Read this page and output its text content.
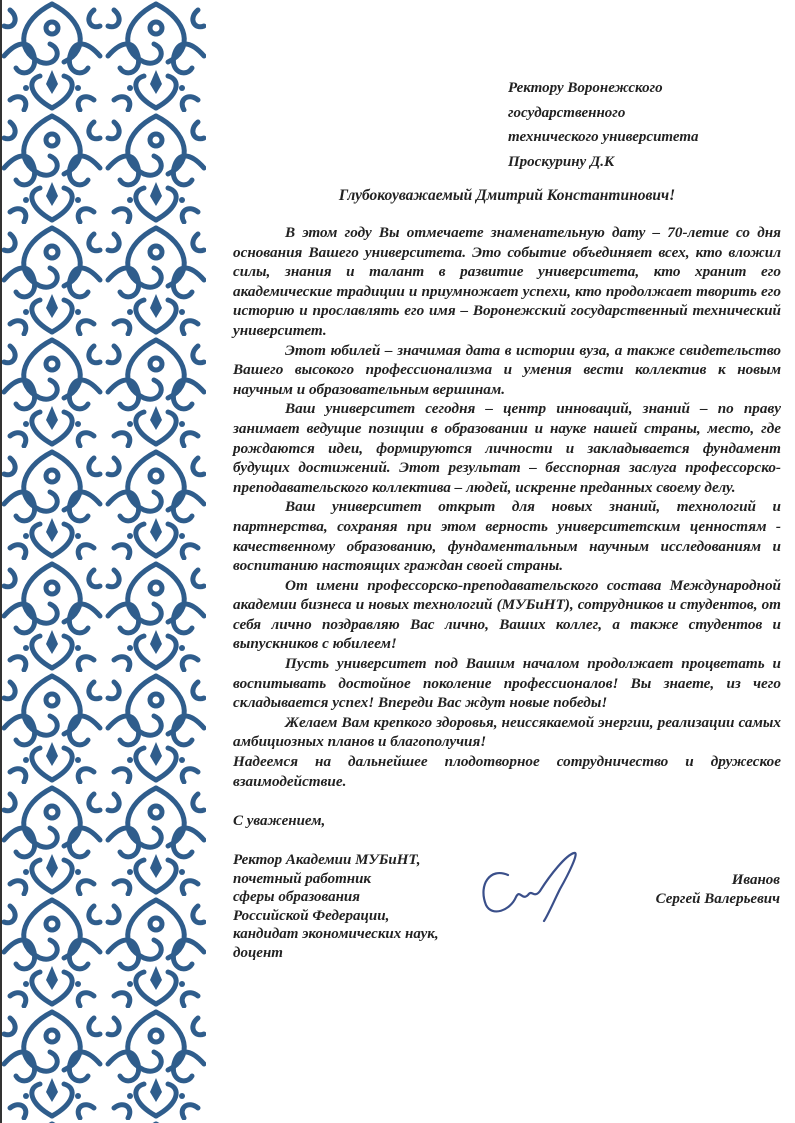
Ректору Воронежского
государственного
технического университета
Проскурину Д.К
Глубокоуважаемый Дмитрий Константинович!

В этом году Вы отмечаете знаменательную дату – 70-летие со дня основания Вашего университета. Это событие объединяет всех, кто вложил силы, знания и талант в развитие университета, кто хранит его академические традиции и приумножает успехи, кто продолжает творить его историю и прославлять его имя – Воронежский государственный технический университет.

Этот юбилей – значимая дата в истории вуза, а также свидетельство Вашего высокого профессионализма и умения вести коллектив к новым научным и образовательным вершинам.

Ваш университет сегодня – центр инноваций, знаний – по праву занимает ведущие позиции в образовании и науке нашей страны, место, где рождаются идеи, формируются личности и закладывается фундамент будущих достижений. Этот результат – бесспорная заслуга профессорско-преподавательского коллектива – людей, искренне преданных своему делу.

Ваш университет открыт для новых знаний, технологий и партнерства, сохраняя при этом верность университетским ценностям - качественному образованию, фундаментальным научным исследованиям и воспитанию настоящих граждан своей страны.

От имени профессорско-преподавательского состава Международной академии бизнеса и новых технологий (МУБиНТ), сотрудников и студентов, от себя лично поздравляю Вас лично, Ваших коллег, а также студентов и выпускников с юбилеем!

Пусть университет под Вашим началом продолжает процветать и воспитывать достойное поколение профессионалов! Вы знаете, из чего складывается успех! Впереди Вас ждут новые победы!

Желаем Вам крепкого здоровья, неиссякаемой энергии, реализации самых амбициозных планов и благополучия!

Надеемся на дальнейшее плодотворное сотрудничество и дружеское взаимодействие.

С уважением,
Ректор Академии МУБиНТ,
почетный работник
сферы образования
Российской Федерации,
кандидат экономических наук,
доцент
Иванов
Сергей Валерьевич
